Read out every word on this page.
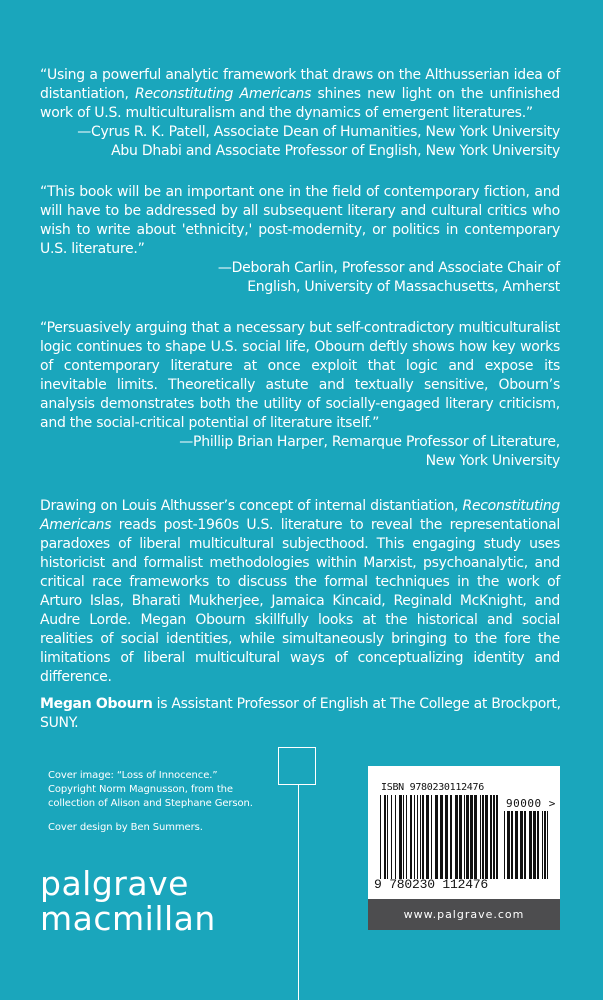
“Using a powerful analytic framework that draws on the Althusserian idea of distantiation, Reconstituting Americans shines new light on the unfinished work of U.S. multiculturalism and the dynamics of emergent literatures.”

—Cyrus R. K. Patell, Associate Dean of Humanities, New York University
Abu Dhabi and Associate Professor of English, New York University

“This book will be an important one in the field of contemporary fiction, and will have to be addressed by all subsequent literary and cultural critics who wish to write about 'ethnicity,' post-modernity, or politics in contemporary U.S. literature.”

—Deborah Carlin, Professor and Associate Chair of
English, University of Massachusetts, Amherst

“Persuasively arguing that a necessary but self-contradictory multiculturalist logic continues to shape U.S. social life, Obourn deftly shows how key works of contemporary literature at once exploit that logic and expose its inevitable limits. Theoretically astute and textually sensitive, Obourn’s analysis demonstrates both the utility of socially-engaged literary criticism, and the social-critical potential of literature itself.”

—Phillip Brian Harper, Remarque Professor of Literature,
New York University

Drawing on Louis Althusser’s concept of internal distantiation, Reconstituting Americans reads post-1960s U.S. literature to reveal the representational paradoxes of liberal multicultural subjecthood. This engaging study uses historicist and formalist methodologies within Marxist, psychoanalytic, and critical race frameworks to discuss the formal techniques in the work of Arturo Islas, Bharati Mukherjee, Jamaica Kincaid, Reginald McKnight, and Audre Lorde. Megan Obourn skillfully looks at the historical and social realities of social identities, while simultaneously bringing to the fore the limitations of liberal multicultural ways of conceptualizing identity and difference.
Megan Obourn is Assistant Professor of English at The College at Brockport, SUNY.

Cover image: “Loss of Innocence.” Copyright Norm Magnusson, from the collection of Alison and Stephane Gerson.

Cover design by Ben Summers.

palgrave
macmillan
ISBN 9780230112476
90000 >
9 780230 112476
www.palgrave.com
